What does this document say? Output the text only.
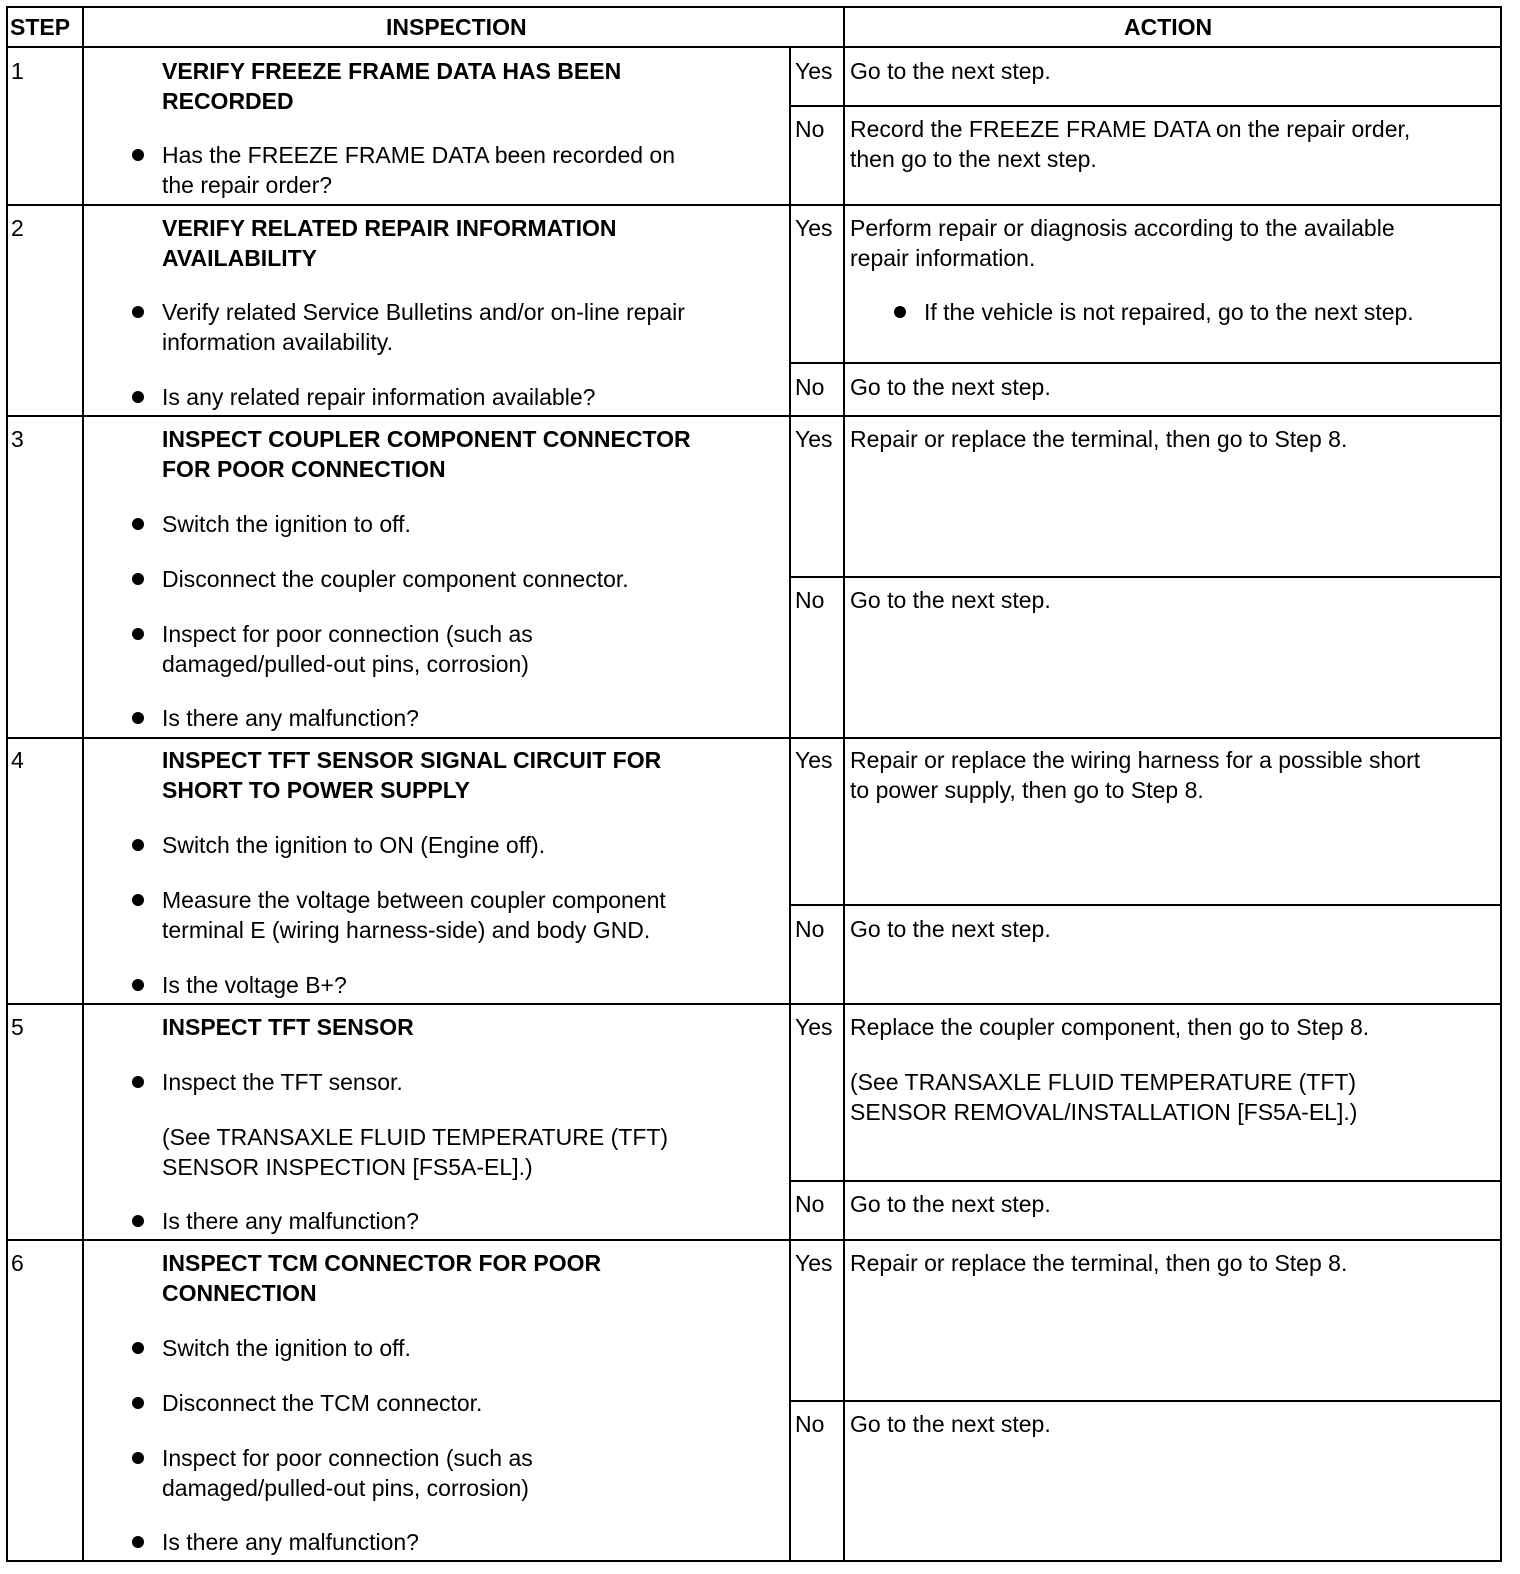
STEP	INSPECTION	ACTION
1	VERIFY FREEZE FRAME DATA HAS BEEN
RECORDED
Has the FREEZE FRAME DATA been recorded on
the repair order?
Yes Go to the next step.
No Record the FREEZE FRAME DATA on the repair order,
then go to the next step.
2	VERIFY RELATED REPAIR INFORMATION
AVAILABILITY
Verify related Service Bulletins and/or on-line repair
information availability.
Is any related repair information available?
Yes Perform repair or diagnosis according to the available
repair information.
If the vehicle is not repaired, go to the next step.
No Go to the next step.
3	INSPECT COUPLER COMPONENT CONNECTOR
FOR POOR CONNECTION
Switch the ignition to off.
Disconnect the coupler component connector.
Inspect for poor connection (such as
damaged/pulled-out pins, corrosion)
Is there any malfunction?
Yes Repair or replace the terminal, then go to Step 8.
No Go to the next step.
4	INSPECT TFT SENSOR SIGNAL CIRCUIT FOR
SHORT TO POWER SUPPLY
Switch the ignition to ON (Engine off).
Measure the voltage between coupler component
terminal E (wiring harness-side) and body GND.
Is the voltage B+?
Yes Repair or replace the wiring harness for a possible short
to power supply, then go to Step 8.
No Go to the next step.
5	INSPECT TFT SENSOR
Inspect the TFT sensor.
(See TRANSAXLE FLUID TEMPERATURE (TFT)
SENSOR INSPECTION [FS5A-EL].)
Is there any malfunction?
Yes Replace the coupler component, then go to Step 8.
(See TRANSAXLE FLUID TEMPERATURE (TFT)
SENSOR REMOVAL/INSTALLATION [FS5A-EL].)
No Go to the next step.
6	INSPECT TCM CONNECTOR FOR POOR
CONNECTION
Switch the ignition to off.
Disconnect the TCM connector.
Inspect for poor connection (such as
damaged/pulled-out pins, corrosion)
Is there any malfunction?
Yes Repair or replace the terminal, then go to Step 8.
No Go to the next step.
